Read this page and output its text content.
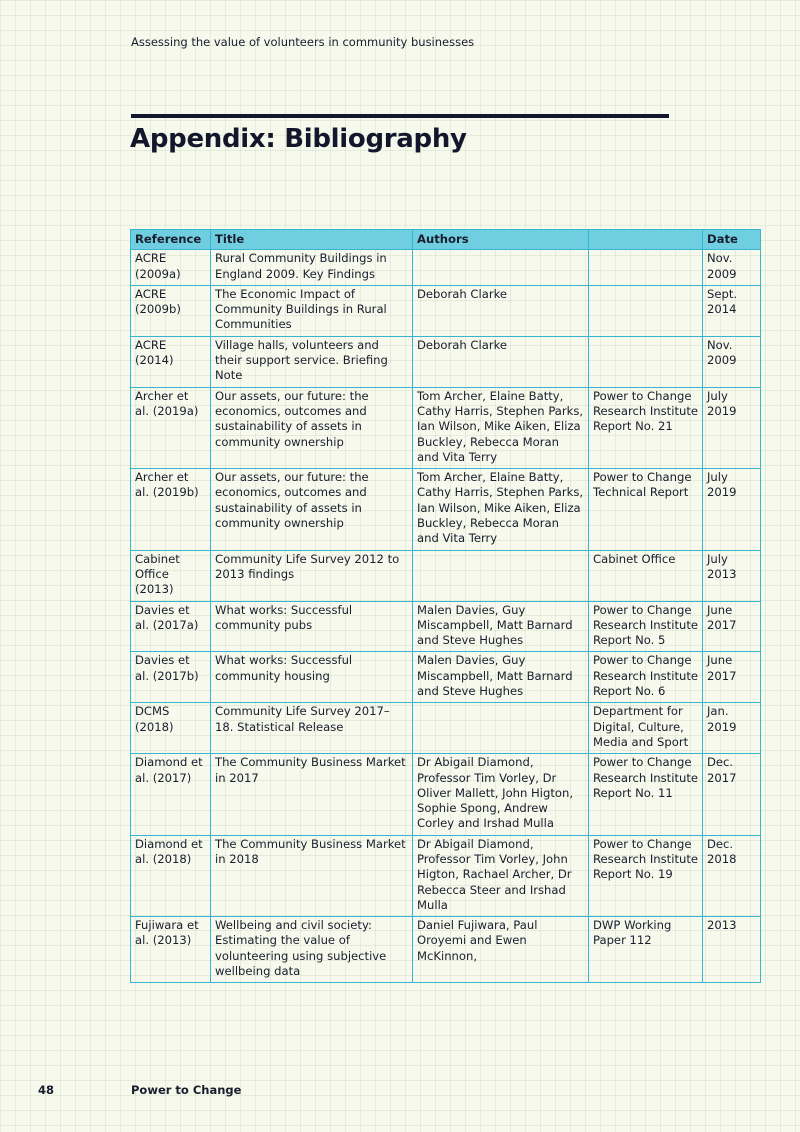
Assessing the value of volunteers in community businesses
Appendix: Bibliography
Reference	Title	Authors		Date
ACRE (2009a)	Rural Community Buildings in England 2009. Key Findings			Nov. 2009
ACRE (2009b)	The Economic Impact of Community Buildings in Rural Communities	Deborah Clarke		Sept. 2014
ACRE (2014)	Village halls, volunteers and their support service. Briefing Note	Deborah Clarke		Nov. 2009
Archer et al. (2019a)	Our assets, our future: the economics, outcomes and sustainability of assets in community ownership	Tom Archer, Elaine Batty, Cathy Harris, Stephen Parks, Ian Wilson, Mike Aiken, Eliza Buckley, Rebecca Moran and Vita Terry	Power to Change Research Institute Report No. 21	July 2019
Archer et al. (2019b)	Our assets, our future: the economics, outcomes and sustainability of assets in community ownership	Tom Archer, Elaine Batty, Cathy Harris, Stephen Parks, Ian Wilson, Mike Aiken, Eliza Buckley, Rebecca Moran and Vita Terry	Power to Change Technical Report	July 2019
Cabinet Office (2013)	Community Life Survey 2012 to 2013 findings		Cabinet Office	July 2013
Davies et al. (2017a)	What works: Successful community pubs	Malen Davies, Guy Miscampbell, Matt Barnard and Steve Hughes	Power to Change Research Institute Report No. 5	June 2017
Davies et al. (2017b)	What works: Successful community housing	Malen Davies, Guy Miscampbell, Matt Barnard and Steve Hughes	Power to Change Research Institute Report No. 6	June 2017
DCMS (2018)	Community Life Survey 2017–18. Statistical Release		Department for Digital, Culture, Media and Sport	Jan. 2019
Diamond et al. (2017)	The Community Business Market in 2017	Dr Abigail Diamond, Professor Tim Vorley, Dr Oliver Mallett, John Higton, Sophie Spong, Andrew Corley and Irshad Mulla	Power to Change Research Institute Report No. 11	Dec. 2017
Diamond et al. (2018)	The Community Business Market in 2018	Dr Abigail Diamond, Professor Tim Vorley, John Higton, Rachael Archer, Dr Rebecca Steer and Irshad Mulla	Power to Change Research Institute Report No. 19	Dec. 2018
Fujiwara et al. (2013)	Wellbeing and civil society: Estimating the value of volunteering using subjective wellbeing data	Daniel Fujiwara, Paul Oroyemi and Ewen McKinnon,	DWP Working Paper 112	2013
48	Power to Change
